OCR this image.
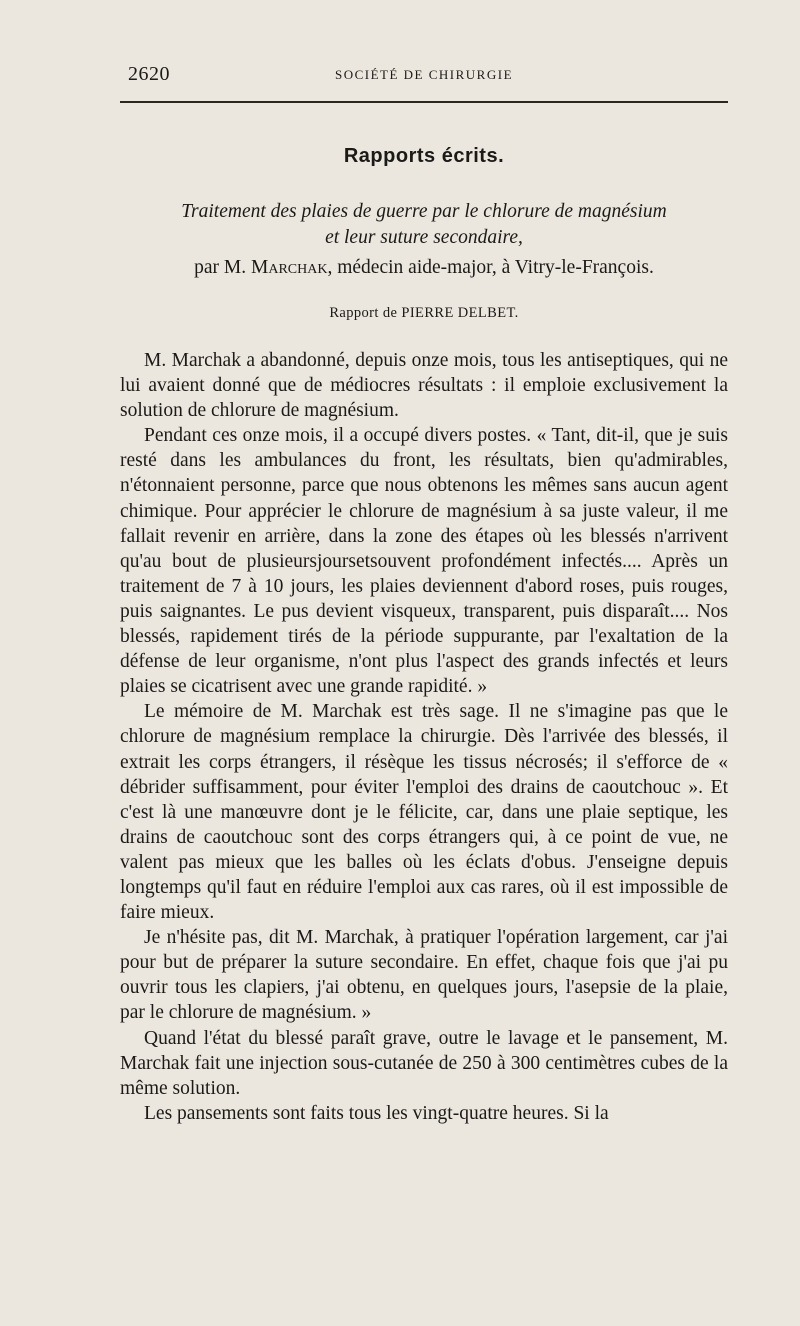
2620	SOCIÉTÉ DE CHIRURGIE
Rapports écrits.
Traitement des plaies de guerre par le chlorure de magnésium
et leur suture secondaire,
par M. Marchak, médecin aide-major, à Vitry-le-François.
Rapport de PIERRE DELBET.

M. Marchak a abandonné, depuis onze mois, tous les antiseptiques, qui ne lui avaient donné que de médiocres résultats : il emploie exclusivement la solution de chlorure de magnésium.

Pendant ces onze mois, il a occupé divers postes. « Tant, dit-il, que je suis resté dans les ambulances du front, les résultats, bien qu'admirables, n'étonnaient personne, parce que nous obtenons les mêmes sans aucun agent chimique. Pour apprécier le chlorure de magnésium à sa juste valeur, il me fallait revenir en arrière, dans la zone des étapes où les blessés n'arrivent qu'au bout de plusieursjoursetsouvent profondément infectés.... Après un traitement de 7 à 10 jours, les plaies deviennent d'abord roses, puis rouges, puis saignantes. Le pus devient visqueux, transparent, puis disparaît.... Nos blessés, rapidement tirés de la période suppurante, par l'exaltation de la défense de leur organisme, n'ont plus l'aspect des grands infectés et leurs plaies se cicatrisent avec une grande rapidité. »

Le mémoire de M. Marchak est très sage. Il ne s'imagine pas que le chlorure de magnésium remplace la chirurgie. Dès l'arrivée des blessés, il extrait les corps étrangers, il résèque les tissus nécrosés; il s'efforce de « débrider suffisamment, pour éviter l'emploi des drains de caoutchouc ». Et c'est là une manœuvre dont je le félicite, car, dans une plaie septique, les drains de caoutchouc sont des corps étrangers qui, à ce point de vue, ne valent pas mieux que les balles où les éclats d'obus. J'enseigne depuis longtemps qu'il faut en réduire l'emploi aux cas rares, où il est impossible de faire mieux.

Je n'hésite pas, dit M. Marchak, à pratiquer l'opération largement, car j'ai pour but de préparer la suture secondaire. En effet, chaque fois que j'ai pu ouvrir tous les clapiers, j'ai obtenu, en quelques jours, l'asepsie de la plaie, par le chlorure de magnésium. »

Quand l'état du blessé paraît grave, outre le lavage et le pansement, M. Marchak fait une injection sous-cutanée de 250 à 300 centimètres cubes de la même solution.

Les pansements sont faits tous les vingt-quatre heures. Si la
